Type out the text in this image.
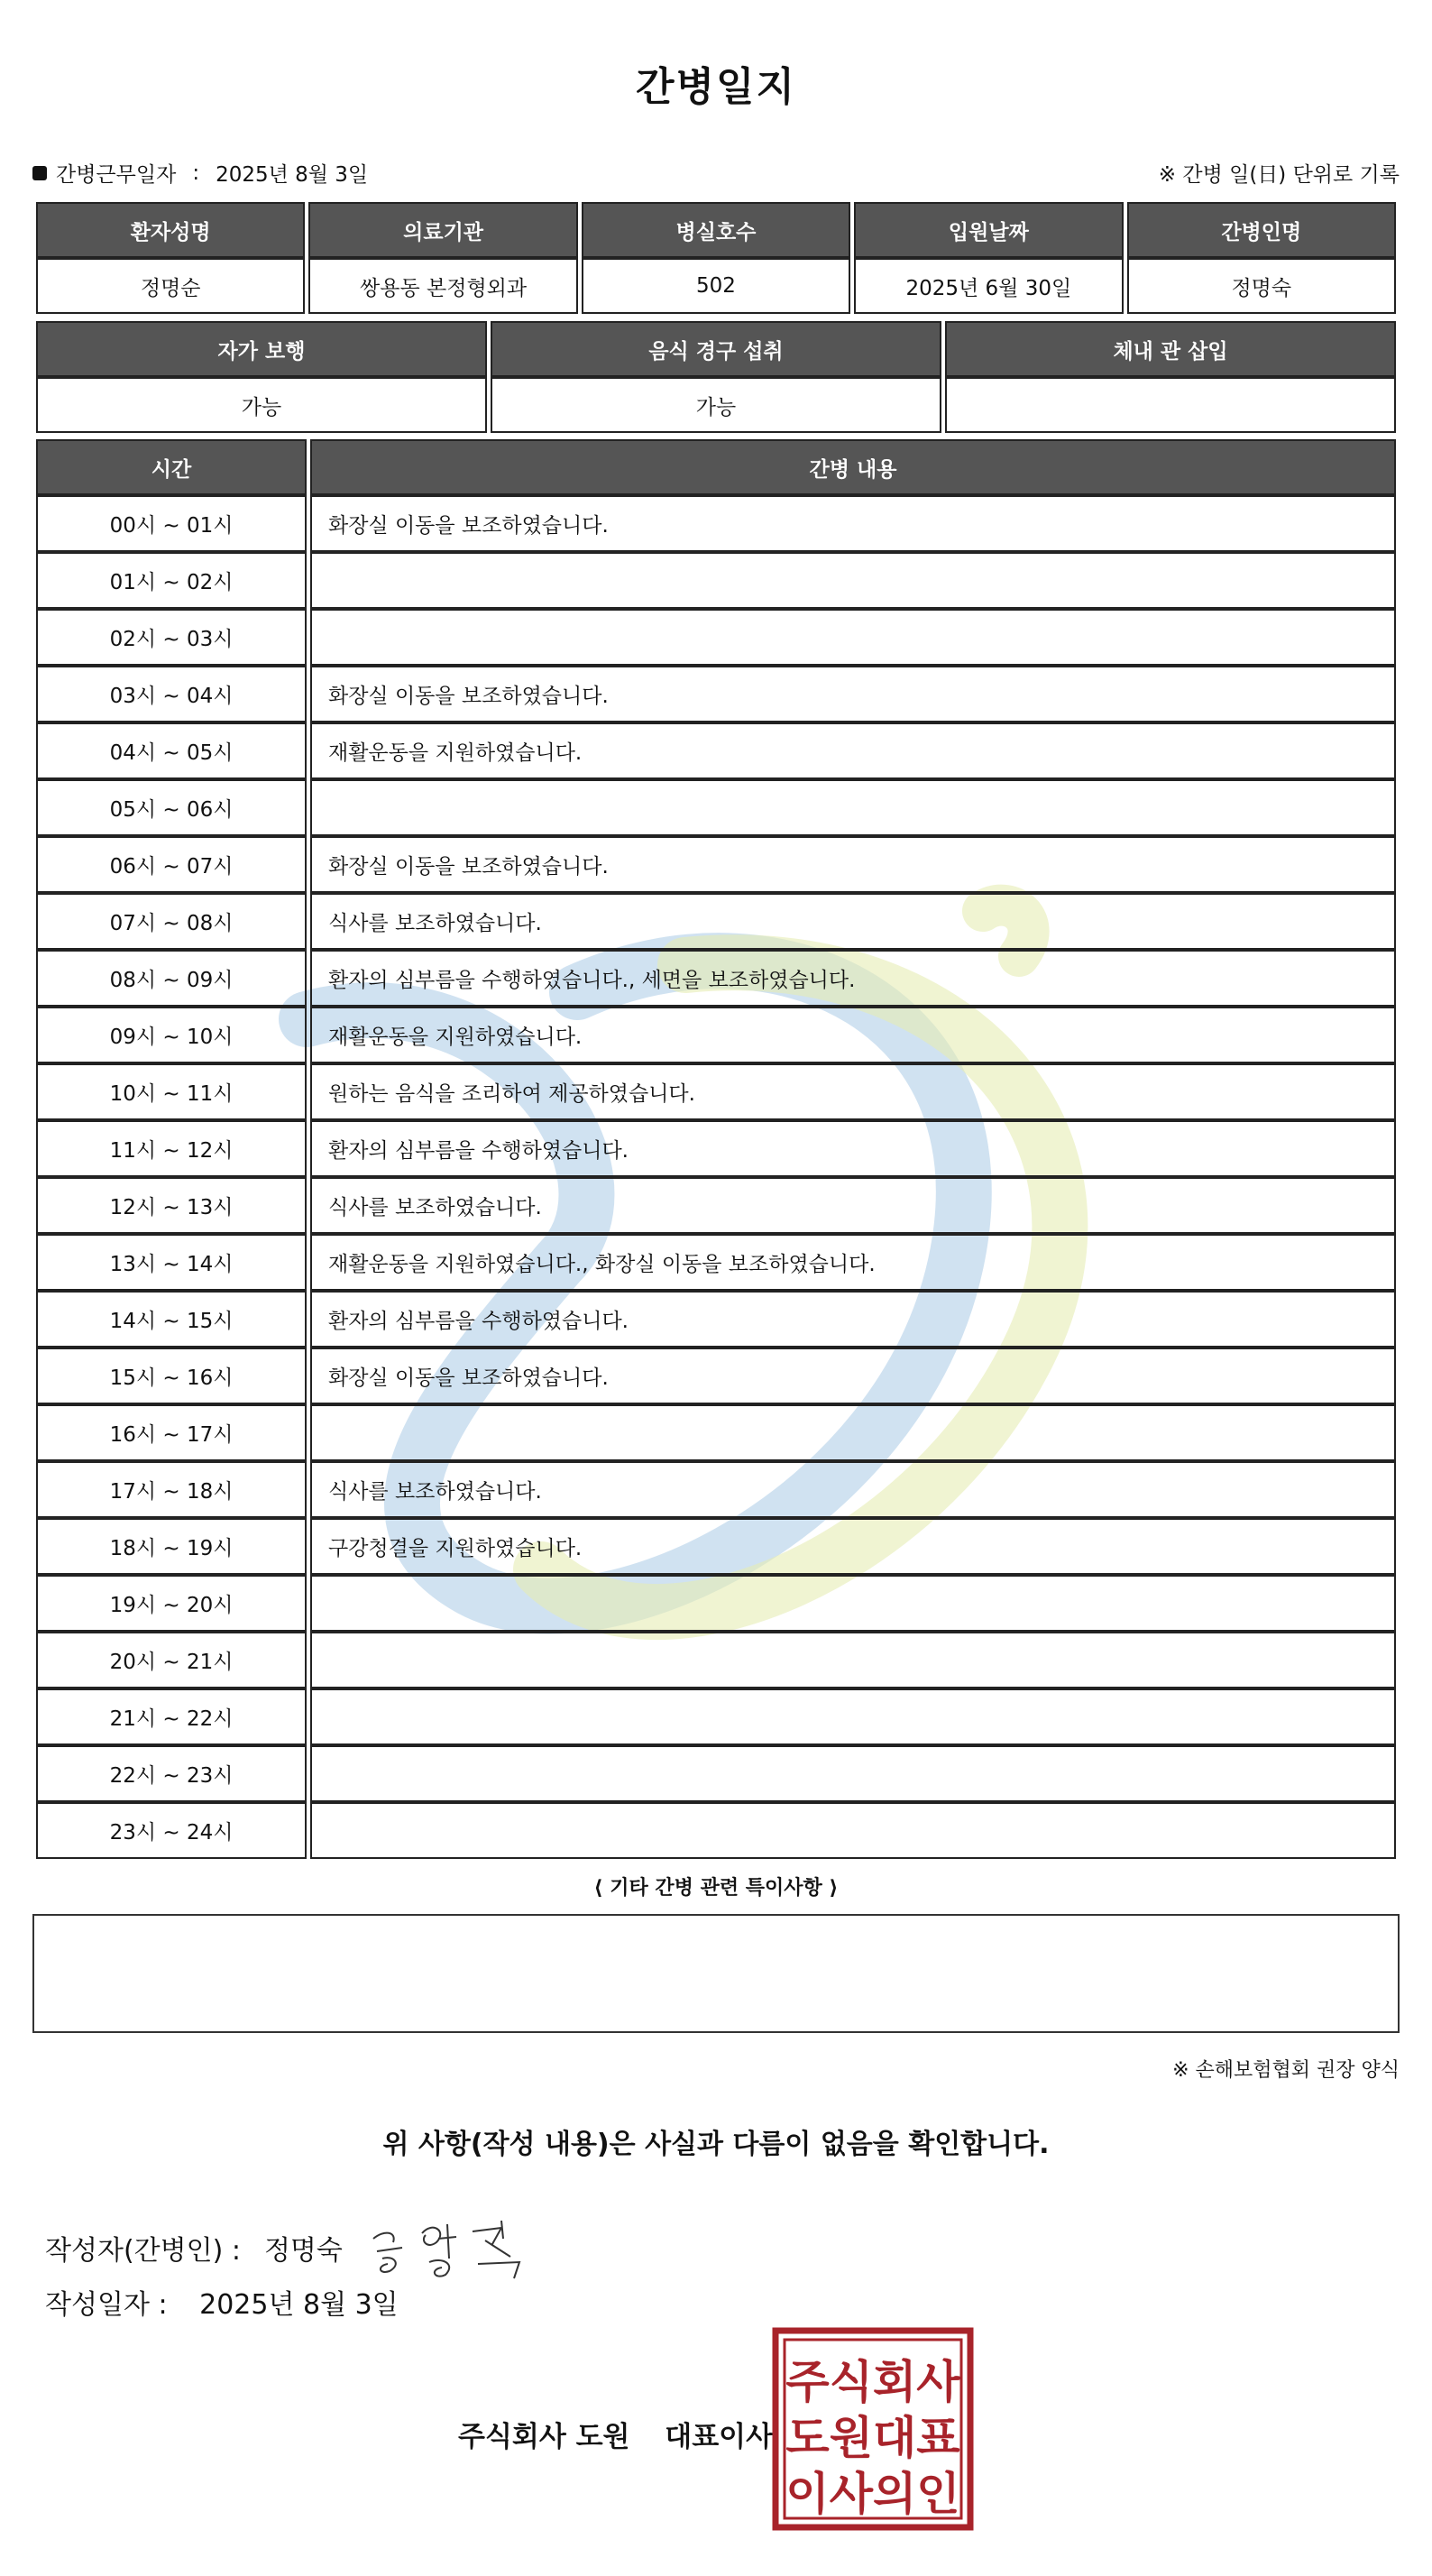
간병일지
간병근무일자 : 2025년 8월 3일	※ 간병 일(日) 단위로 기록
환자성명	의료기관	병실호수	입원날짜	간병인명
정명순	쌍용동 본정형외과	502	2025년 6월 30일	정명숙
자가 보행	음식 경구 섭취	체내 관 삽입
가능	가능	
시간	간병 내용
00시 ~ 01시	화장실 이동을 보조하였습니다.
01시 ~ 02시	
02시 ~ 03시	
03시 ~ 04시	화장실 이동을 보조하였습니다.
04시 ~ 05시	재활운동을 지원하였습니다.
05시 ~ 06시	
06시 ~ 07시	화장실 이동을 보조하였습니다.
07시 ~ 08시	식사를 보조하였습니다.
08시 ~ 09시	환자의 심부름을 수행하였습니다., 세면을 보조하였습니다.
09시 ~ 10시	재활운동을 지원하였습니다.
10시 ~ 11시	원하는 음식을 조리하여 제공하였습니다.
11시 ~ 12시	환자의 심부름을 수행하였습니다.
12시 ~ 13시	식사를 보조하였습니다.
13시 ~ 14시	재활운동을 지원하였습니다., 화장실 이동을 보조하였습니다.
14시 ~ 15시	환자의 심부름을 수행하였습니다.
15시 ~ 16시	화장실 이동을 보조하였습니다.
16시 ~ 17시	
17시 ~ 18시	식사를 보조하였습니다.
18시 ~ 19시	구강청결을 지원하였습니다.
19시 ~ 20시	
20시 ~ 21시	
21시 ~ 22시	
22시 ~ 23시	
23시 ~ 24시	
⟨ 기타 간병 관련 특이사항 ⟩
※ 손해보험협회 권장 양식
위 사항(작성 내용)은 사실과 다름이 없음을 확인합니다.
작성자(간병인) : 정명숙
작성일자 : 2025년 8월 3일
주식회사 도원 대표이사
주식회사
도원대표
이사의인
